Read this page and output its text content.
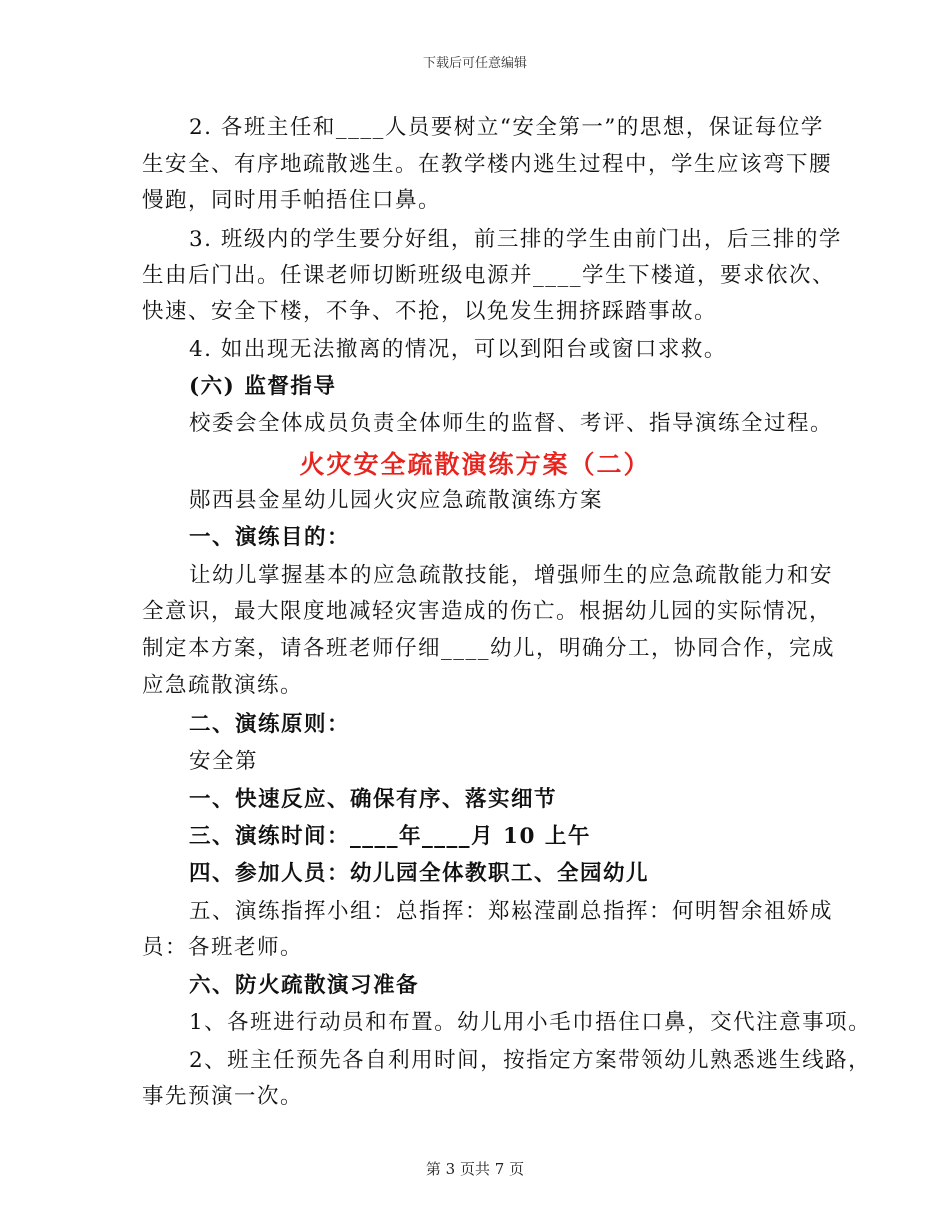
下载后可任意编辑
2. 各班主任和____人员要树立“安全第一”的思想，保证每位学
生安全、有序地疏散逃生。在教学楼内逃生过程中，学生应该弯下腰
慢跑，同时用手帕捂住口鼻。
3. 班级内的学生要分好组，前三排的学生由前门出，后三排的学
生由后门出。任课老师切断班级电源并____学生下楼道，要求依次、
快速、安全下楼，不争、不抢，以免发生拥挤踩踏事故。
4. 如出现无法撤离的情况，可以到阳台或窗口求救。
(六) 监督指导
校委会全体成员负责全体师生的监督、考评、指导演练全过程。
火灾安全疏散演练方案（二）
郧西县金星幼儿园火灾应急疏散演练方案
一、演练目的：
让幼儿掌握基本的应急疏散技能，增强师生的应急疏散能力和安
全意识，最大限度地减轻灾害造成的伤亡。根据幼儿园的实际情况，
制定本方案，请各班老师仔细____幼儿，明确分工，协同合作，完成
应急疏散演练。
二、演练原则：
安全第
一、快速反应、确保有序、落实细节
三、演练时间：____年____月 10 上午
四、参加人员：幼儿园全体教职工、全园幼儿
五、演练指挥小组：总指挥：郑崧滢副总指挥：何明智余祖娇成
员：各班老师。
六、防火疏散演习准备
1、各班进行动员和布置。幼儿用小毛巾捂住口鼻，交代注意事项。
2、班主任预先各自利用时间，按指定方案带领幼儿熟悉逃生线路，
事先预演一次。
第 3 页共 7 页
